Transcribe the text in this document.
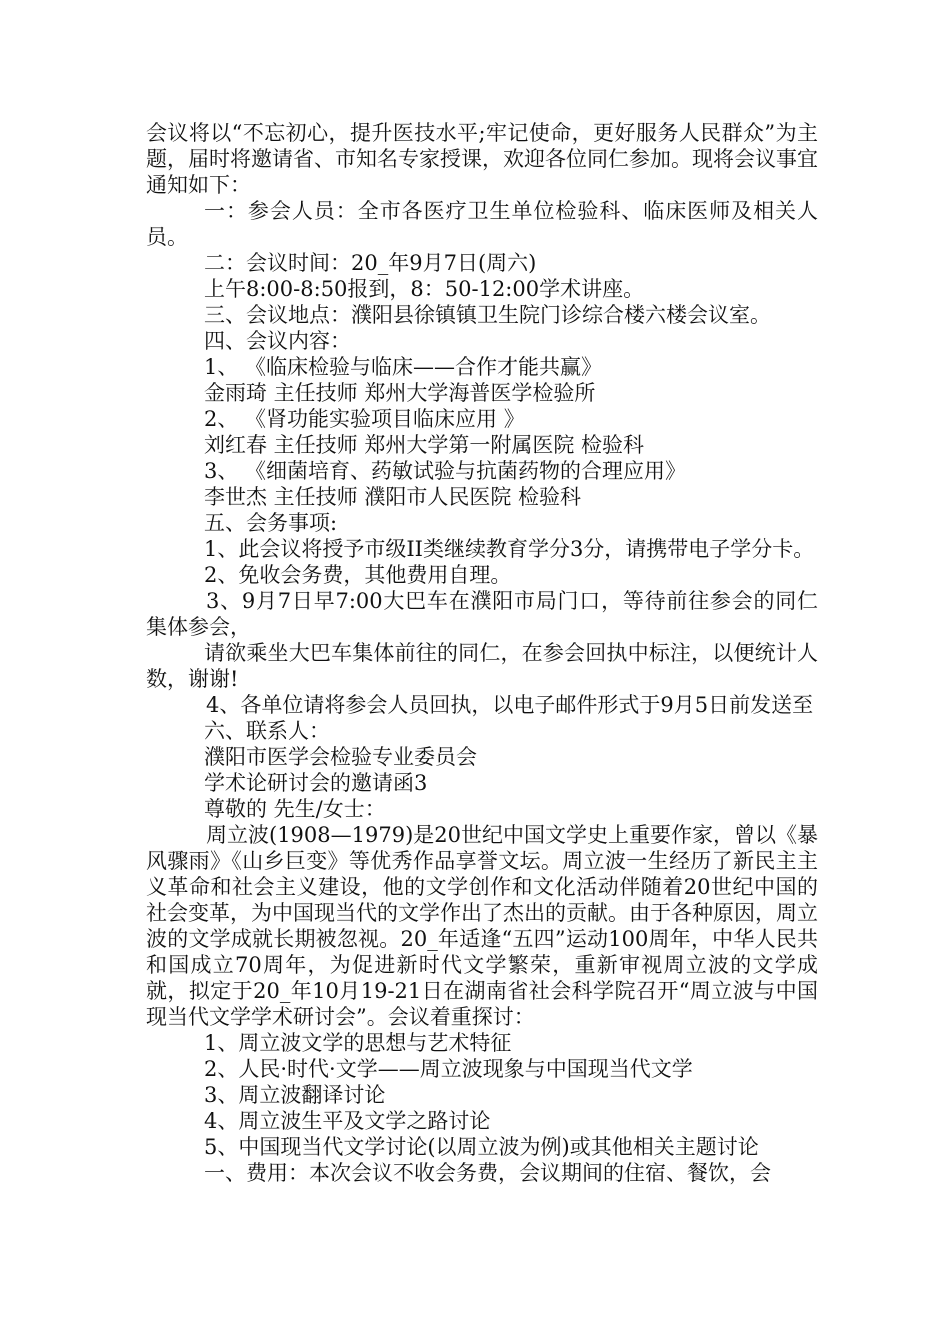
会议将以“不忘初心，提升医技水平;牢记使命，更好服务人民群众”为主题，届时将邀请省、市知名专家授课，欢迎各位同仁参加。现将会议事宜通知如下：

一：参会人员：全市各医疗卫生单位检验科、临床医师及相关人员。

二：会议时间：20_年9月7日(周六)

上午8:00-8:50报到，8：50-12:00学术讲座。

三、会议地点：濮阳县徐镇镇卫生院门诊综合楼六楼会议室。

四、会议内容：

1、 《临床检验与临床——合作才能共赢》

金雨琦 主任技师 郑州大学海普医学检验所

2、 《肾功能实验项目临床应用 》

刘红春 主任技师 郑州大学第一附属医院 检验科

3、 《细菌培育、药敏试验与抗菌药物的合理应用》

李世杰 主任技师 濮阳市人民医院 检验科

五、会务事项:

1、此会议将授予市级II类继续教育学分3分，请携带电子学分卡。

2、免收会务费，其他费用自理。

3、9月7日早7:00大巴车在濮阳市局门口，等待前往参会的同仁集体参会，

请欲乘坐大巴车集体前往的同仁，在参会回执中标注，以便统计人数，谢谢!

4、各单位请将参会人员回执，以电子邮件形式于9月5日前发送至

六、联系人：

濮阳市医学会检验专业委员会

学术论研讨会的邀请函3

尊敬的 先生/女士：

周立波(1908—1979)是20世纪中国文学史上重要作家，曾以《暴风骤雨》《山乡巨变》等优秀作品享誉文坛。周立波一生经历了新民主主义革命和社会主义建设，他的文学创作和文化活动伴随着20世纪中国的社会变革，为中国现当代的文学作出了杰出的贡献。由于各种原因，周立波的文学成就长期被忽视。20_年适逢“五四”运动100周年，中华人民共和国成立70周年，为促进新时代文学繁荣，重新审视周立波的文学成就，拟定于20_年10月19-21日在湖南省社会科学院召开“周立波与中国现当代文学学术研讨会”。会议着重探讨：

1、周立波文学的思想与艺术特征

2、人民·时代·文学——周立波现象与中国现当代文学

3、周立波翻译讨论

4、周立波生平及文学之路讨论

5、中国现当代文学讨论(以周立波为例)或其他相关主题讨论

一、费用：本次会议不收会务费，会议期间的住宿、餐饮，会
